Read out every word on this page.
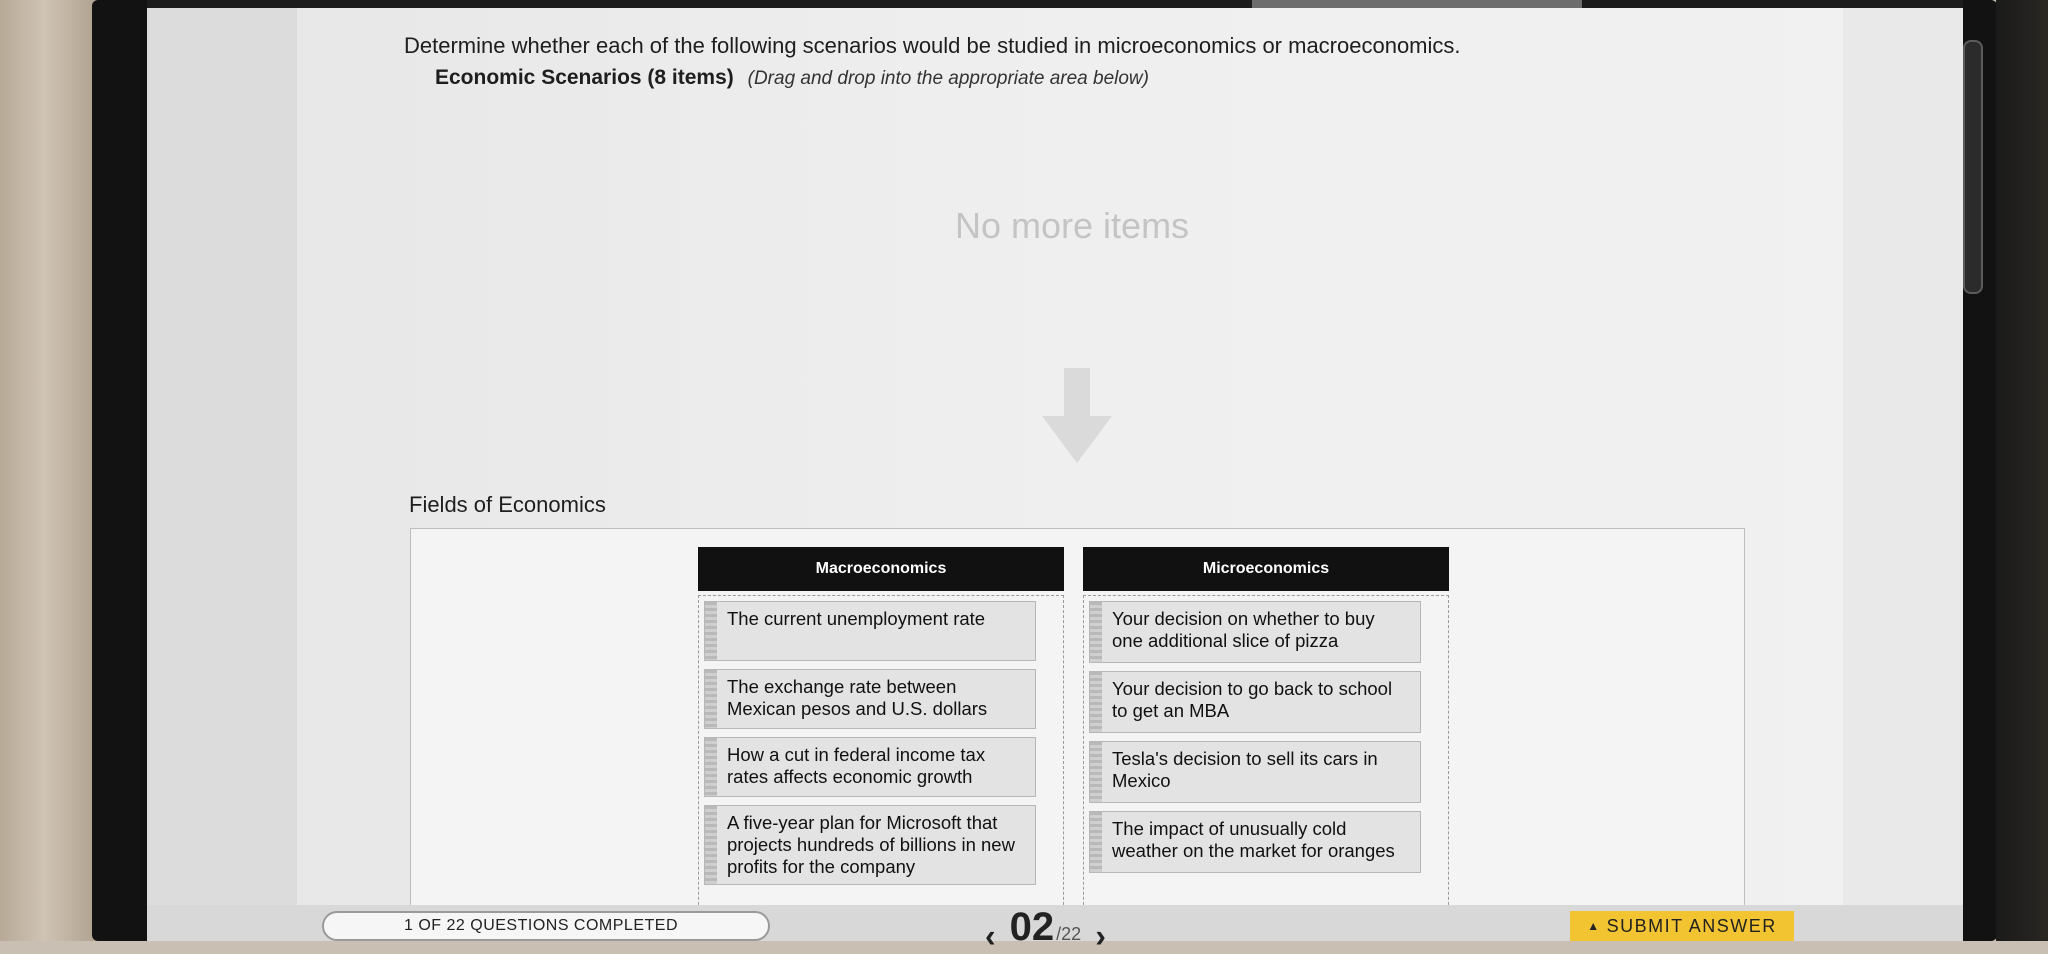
Determine whether each of the following scenarios would be studied in microeconomics or macroeconomics.
Economic Scenarios (8 items) (Drag and drop into the appropriate area below)
No more items
Fields of Economics
Macroeconomics
The current unemployment rate
The exchange rate between Mexican pesos and U.S. dollars
How a cut in federal income tax rates affects economic growth
A five-year plan for Microsoft that projects hundreds of billions in new profits for the company
Microeconomics
Your decision on whether to buy one additional slice of pizza
Your decision to go back to school to get an MBA
Tesla's decision to sell its cars in Mexico
The impact of unusually cold weather on the market for oranges
1 OF 22 QUESTIONS COMPLETED	‹ 02 /22 ›	▲ SUBMIT ANSWER
